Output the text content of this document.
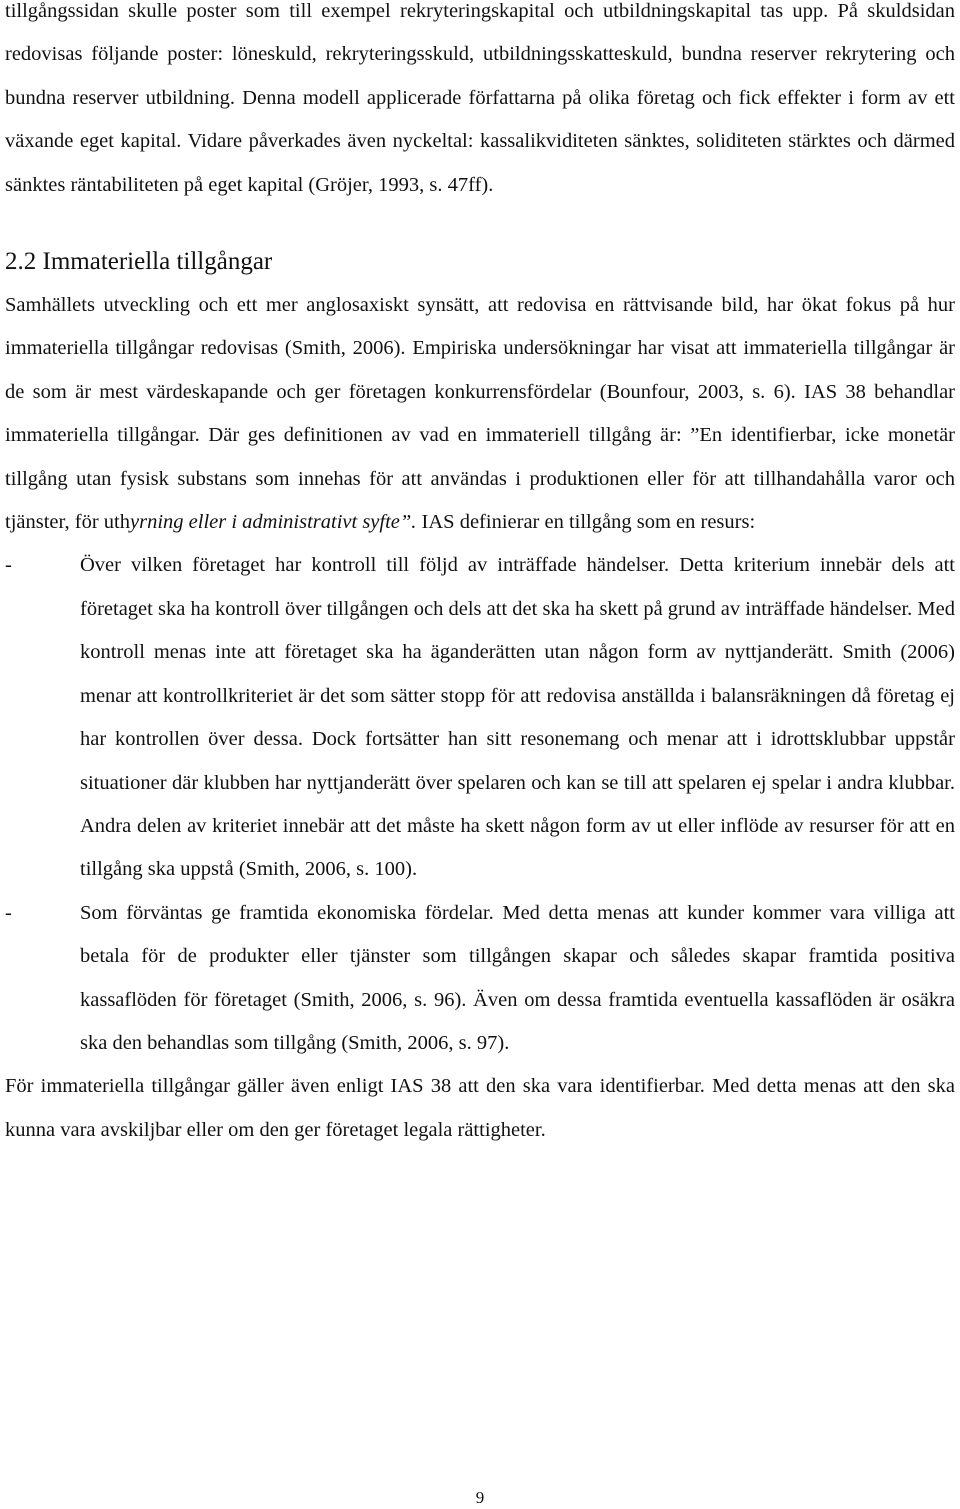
tillgångssidan skulle poster som till exempel rekryteringskapital och utbildningskapital tas upp. På skuldsidan redovisas följande poster: löneskuld, rekryteringsskuld, utbildningsskatteskuld, bundna reserver rekrytering och bundna reserver utbildning. Denna modell applicerade författarna på olika företag och fick effekter i form av ett växande eget kapital. Vidare påverkades även nyckeltal: kassalikviditeten sänktes, soliditeten stärktes och därmed sänktes räntabiliteten på eget kapital (Gröjer, 1993, s. 47ff).

2.2 Immateriella tillgångar

Samhällets utveckling och ett mer anglosaxiskt synsätt, att redovisa en rättvisande bild, har ökat fokus på hur immateriella tillgångar redovisas (Smith, 2006). Empiriska undersökningar har visat att immateriella tillgångar är de som är mest värdeskapande och ger företagen konkurrensfördelar (Bounfour, 2003, s. 6). IAS 38 behandlar immateriella tillgångar. Där ges definitionen av vad en immateriell tillgång är: ”En identifierbar, icke monetär tillgång utan fysisk substans som innehas för att användas i produktionen eller för att tillhandahålla varor och tjänster, för uthyrning eller i administrativt syfte”. IAS definierar en tillgång som en resurs:

-	Över vilken företaget har kontroll till följd av inträffade händelser. Detta kriterium innebär dels att företaget ska ha kontroll över tillgången och dels att det ska ha skett på grund av inträffade händelser. Med kontroll menas inte att företaget ska ha äganderätten utan någon form av nyttjanderätt. Smith (2006) menar att kontrollkriteriet är det som sätter stopp för att redovisa anställda i balansräkningen då företag ej har kontrollen över dessa. Dock fortsätter han sitt resonemang och menar att i idrottsklubbar uppstår situationer där klubben har nyttjanderätt över spelaren och kan se till att spelaren ej spelar i andra klubbar. Andra delen av kriteriet innebär att det måste ha skett någon form av ut eller inflöde av resurser för att en tillgång ska uppstå (Smith, 2006, s. 100).
-	Som förväntas ge framtida ekonomiska fördelar. Med detta menas att kunder kommer vara villiga att betala för de produkter eller tjänster som tillgången skapar och således skapar framtida positiva kassaflöden för företaget (Smith, 2006, s. 96). Även om dessa framtida eventuella kassaflöden är osäkra ska den behandlas som tillgång (Smith, 2006, s. 97).

För immateriella tillgångar gäller även enligt IAS 38 att den ska vara identifierbar. Med detta menas att den ska kunna vara avskiljbar eller om den ger företaget legala rättigheter.

9
